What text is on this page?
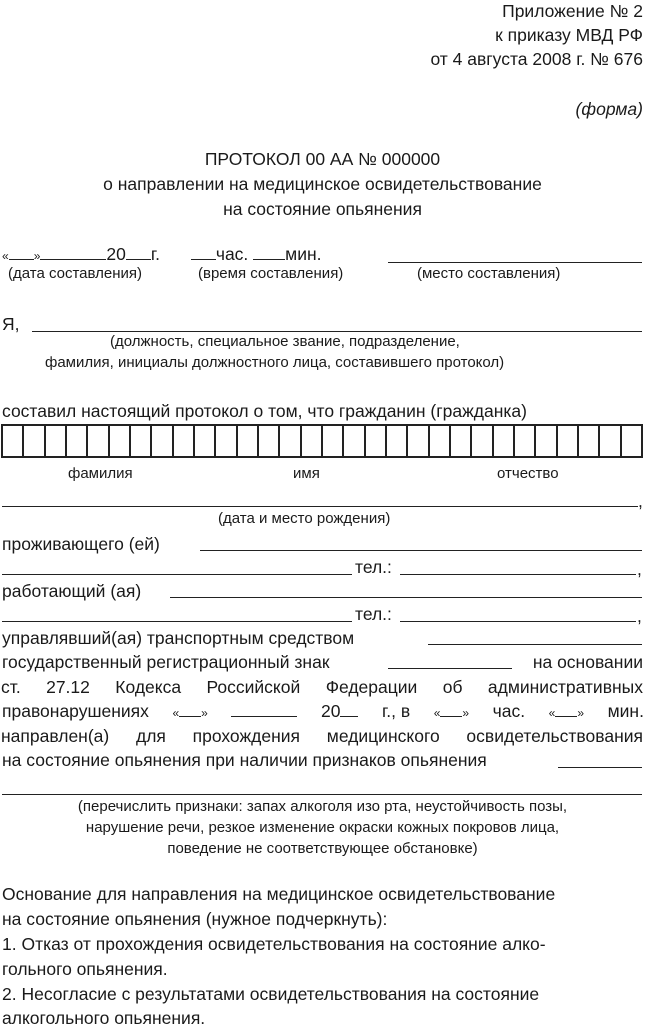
Приложение № 2
к приказу МВД РФ
от 4 августа 2008 г. № 676
(форма)
ПРОТОКОЛ 00 АА № 000000
о направлении на медицинское освидетельствование
на состояние опьянения
« »	20 г.	час. мин.
(дата составления)	(время составления)	(место составления)
Я,
(должность, специальное звание, подразделение,
фамилия, инициалы должностного лица, составившего протокол)
составил настоящий протокол о том, что гражданин (гражданка)
фамилия	имя	отчество
,
(дата и место рождения)
проживающего (ей)
тел.:	,
работающий (ая)
тел.:	,
управлявший(ая) транспортным средством
государственный регистрационный знак	на основании
ст. 27.12 Кодекса Российской Федерации об административных
правонарушениях « »	20	г., в « » час. « » мин.
направлен(а) для прохождения медицинского освидетельствования
на состояние опьянения при наличии признаков опьянения
(перечислить признаки: запах алкоголя изо рта, неустойчивость позы,
нарушение речи, резкое изменение окраски кожных покровов лица,
поведение не соответствующее обстановке)
Основание для направления на медицинское освидетельствование
на состояние опьянения (нужное подчеркнуть):
1. Отказ от прохождения освидетельствования на состояние алко-
гольного опьянения.
2. Несогласие с результатами освидетельствования на состояние
алкогольного опьянения.
